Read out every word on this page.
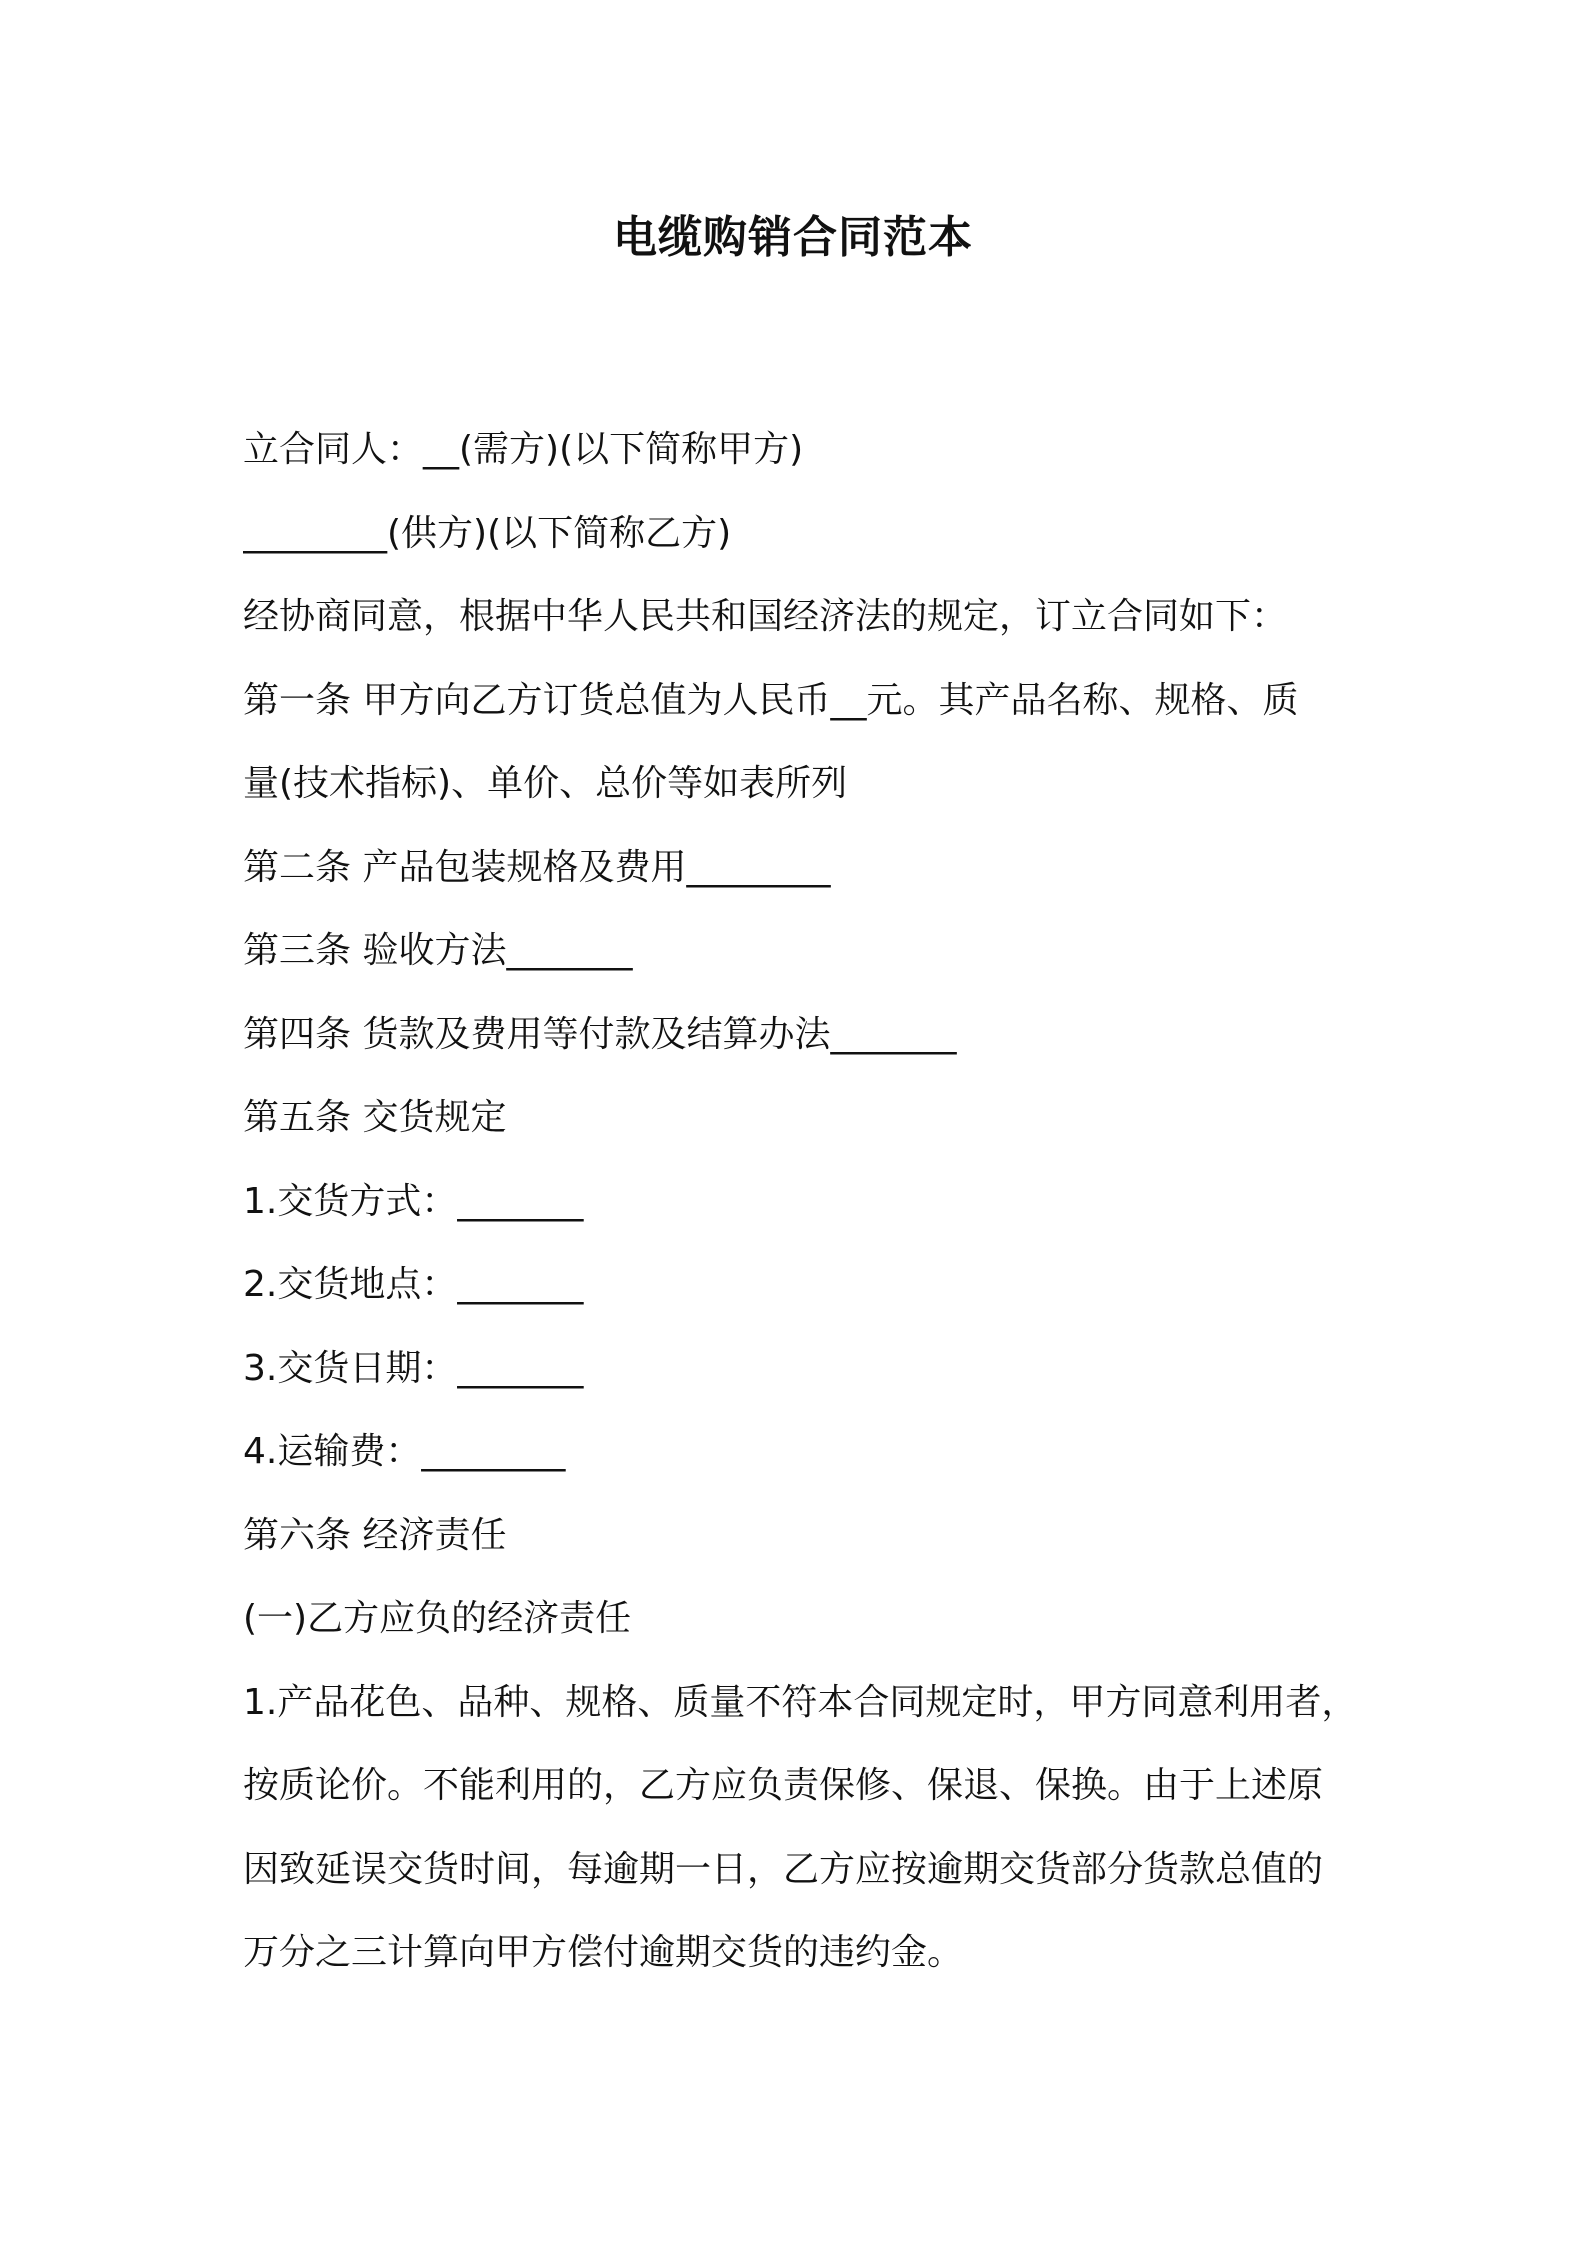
电缆购销合同范本
立合同人：__(需方)(以下简称甲方)
________(供方)(以下简称乙方)
经协商同意，根据中华人民共和国经济法的规定，订立合同如下：
第一条 甲方向乙方订货总值为人民币__元。其产品名称、规格、质
量(技术指标)、单价、总价等如表所列
第二条 产品包装规格及费用________
第三条 验收方法_______
第四条 货款及费用等付款及结算办法_______
第五条 交货规定
1.交货方式：_______
2.交货地点：_______
3.交货日期：_______
4.运输费：________
第六条 经济责任
(一)乙方应负的经济责任
1.产品花色、品种、规格、质量不符本合同规定时，甲方同意利用者，
按质论价。不能利用的，乙方应负责保修、保退、保换。由于上述原
因致延误交货时间，每逾期一日，乙方应按逾期交货部分货款总值的
万分之三计算向甲方偿付逾期交货的违约金。
